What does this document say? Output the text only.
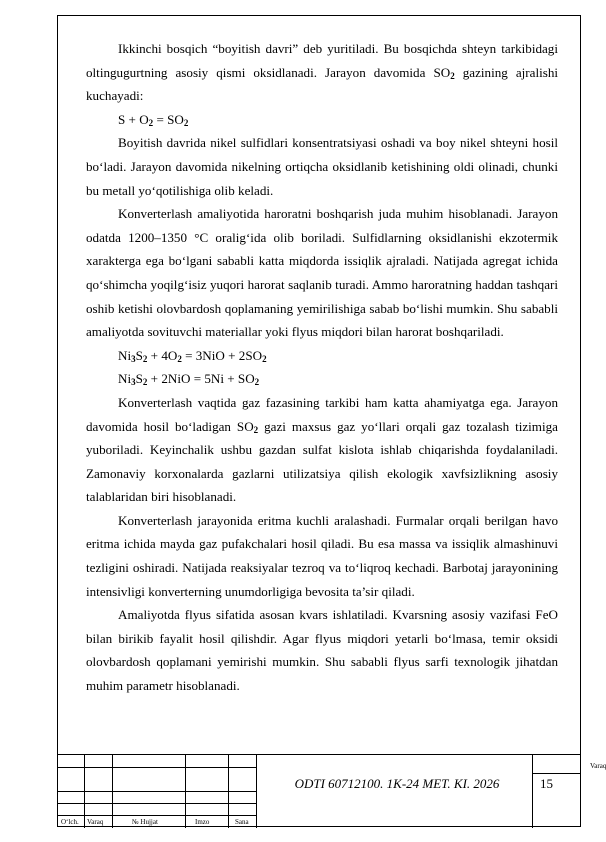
Ikkinchi bosqich “boyitish davri” deb yuritiladi. Bu bosqichda shteyn tarkibidagi oltingugurtning asosiy qismi oksidlanadi. Jarayon davomida $SO_2$ gazining ajralishi kuchayadi:

$S + O_2 = SO_2$

Boyitish davrida nikel sulfidlari konsentratsiyasi oshadi va boy nikel shteyni hosil bo‘ladi. Jarayon davomida nikelning ortiqcha oksidlanib ketishining oldi olinadi, chunki bu metall yo‘qotilishiga olib keladi.

Konverterlash amaliyotida haroratni boshqarish juda muhim hisoblanadi. Jarayon odatda 1200–1350 °C oralig‘ida olib boriladi. Sulfidlarning oksidlanishi ekzotermik xarakterga ega bo‘lgani sababli katta miqdorda issiqlik ajraladi. Natijada agregat ichida qo‘shimcha yoqilg‘isiz yuqori harorat saqlanib turadi. Ammo haroratning haddan tashqari oshib ketishi olovbardosh qoplamaning yemirilishiga sabab bo‘lishi mumkin. Shu sababli amaliyotda sovituvchi materiallar yoki flyus miqdori bilan harorat boshqariladi.

$Ni_3S_2 + 4O_2 = 3NiO + 2SO_2$

$Ni_3S_2 + 2NiO = 5Ni + SO_2$

Konverterlash vaqtida gaz fazasining tarkibi ham katta ahamiyatga ega. Jarayon davomida hosil bo‘ladigan $SO_2$ gazi maxsus gaz yo‘llari orqali gaz tozalash tizimiga yuboriladi. Keyinchalik ushbu gazdan sulfat kislota ishlab chiqarishda foydalaniladi. Zamonaviy korxonalarda gazlarni utilizatsiya qilish ekologik xavfsizlikning asosiy talablaridan biri hisoblanadi.

Konverterlash jarayonida eritma kuchli aralashadi. Furmalar orqali berilgan havo eritma ichida mayda gaz pufakchalari hosil qiladi. Bu esa massa va issiqlik almashinuvi tezligini oshiradi. Natijada reaksiyalar tezroq va to‘liqroq kechadi. Barbotaj jarayonining intensivligi konverterning unumdorligiga bevosita ta’sir qiladi.

Amaliyotda flyus sifatida asosan kvars ishlatiladi. Kvarsning asosiy vazifasi FeO bilan birikib fayalit hosil qilishdir. Agar flyus miqdori yetarli bo‘lmasa, temir oksidi olovbardosh qoplamani yemirishi mumkin. Shu sababli flyus sarfi texnologik jihatdan muhim parametr hisoblanadi.

O‘lch. Varaq	№ Hujjat	Imzo	Sana
ODTI 60712100. 1K-24 MET. KI. 2026
Varaq
15
